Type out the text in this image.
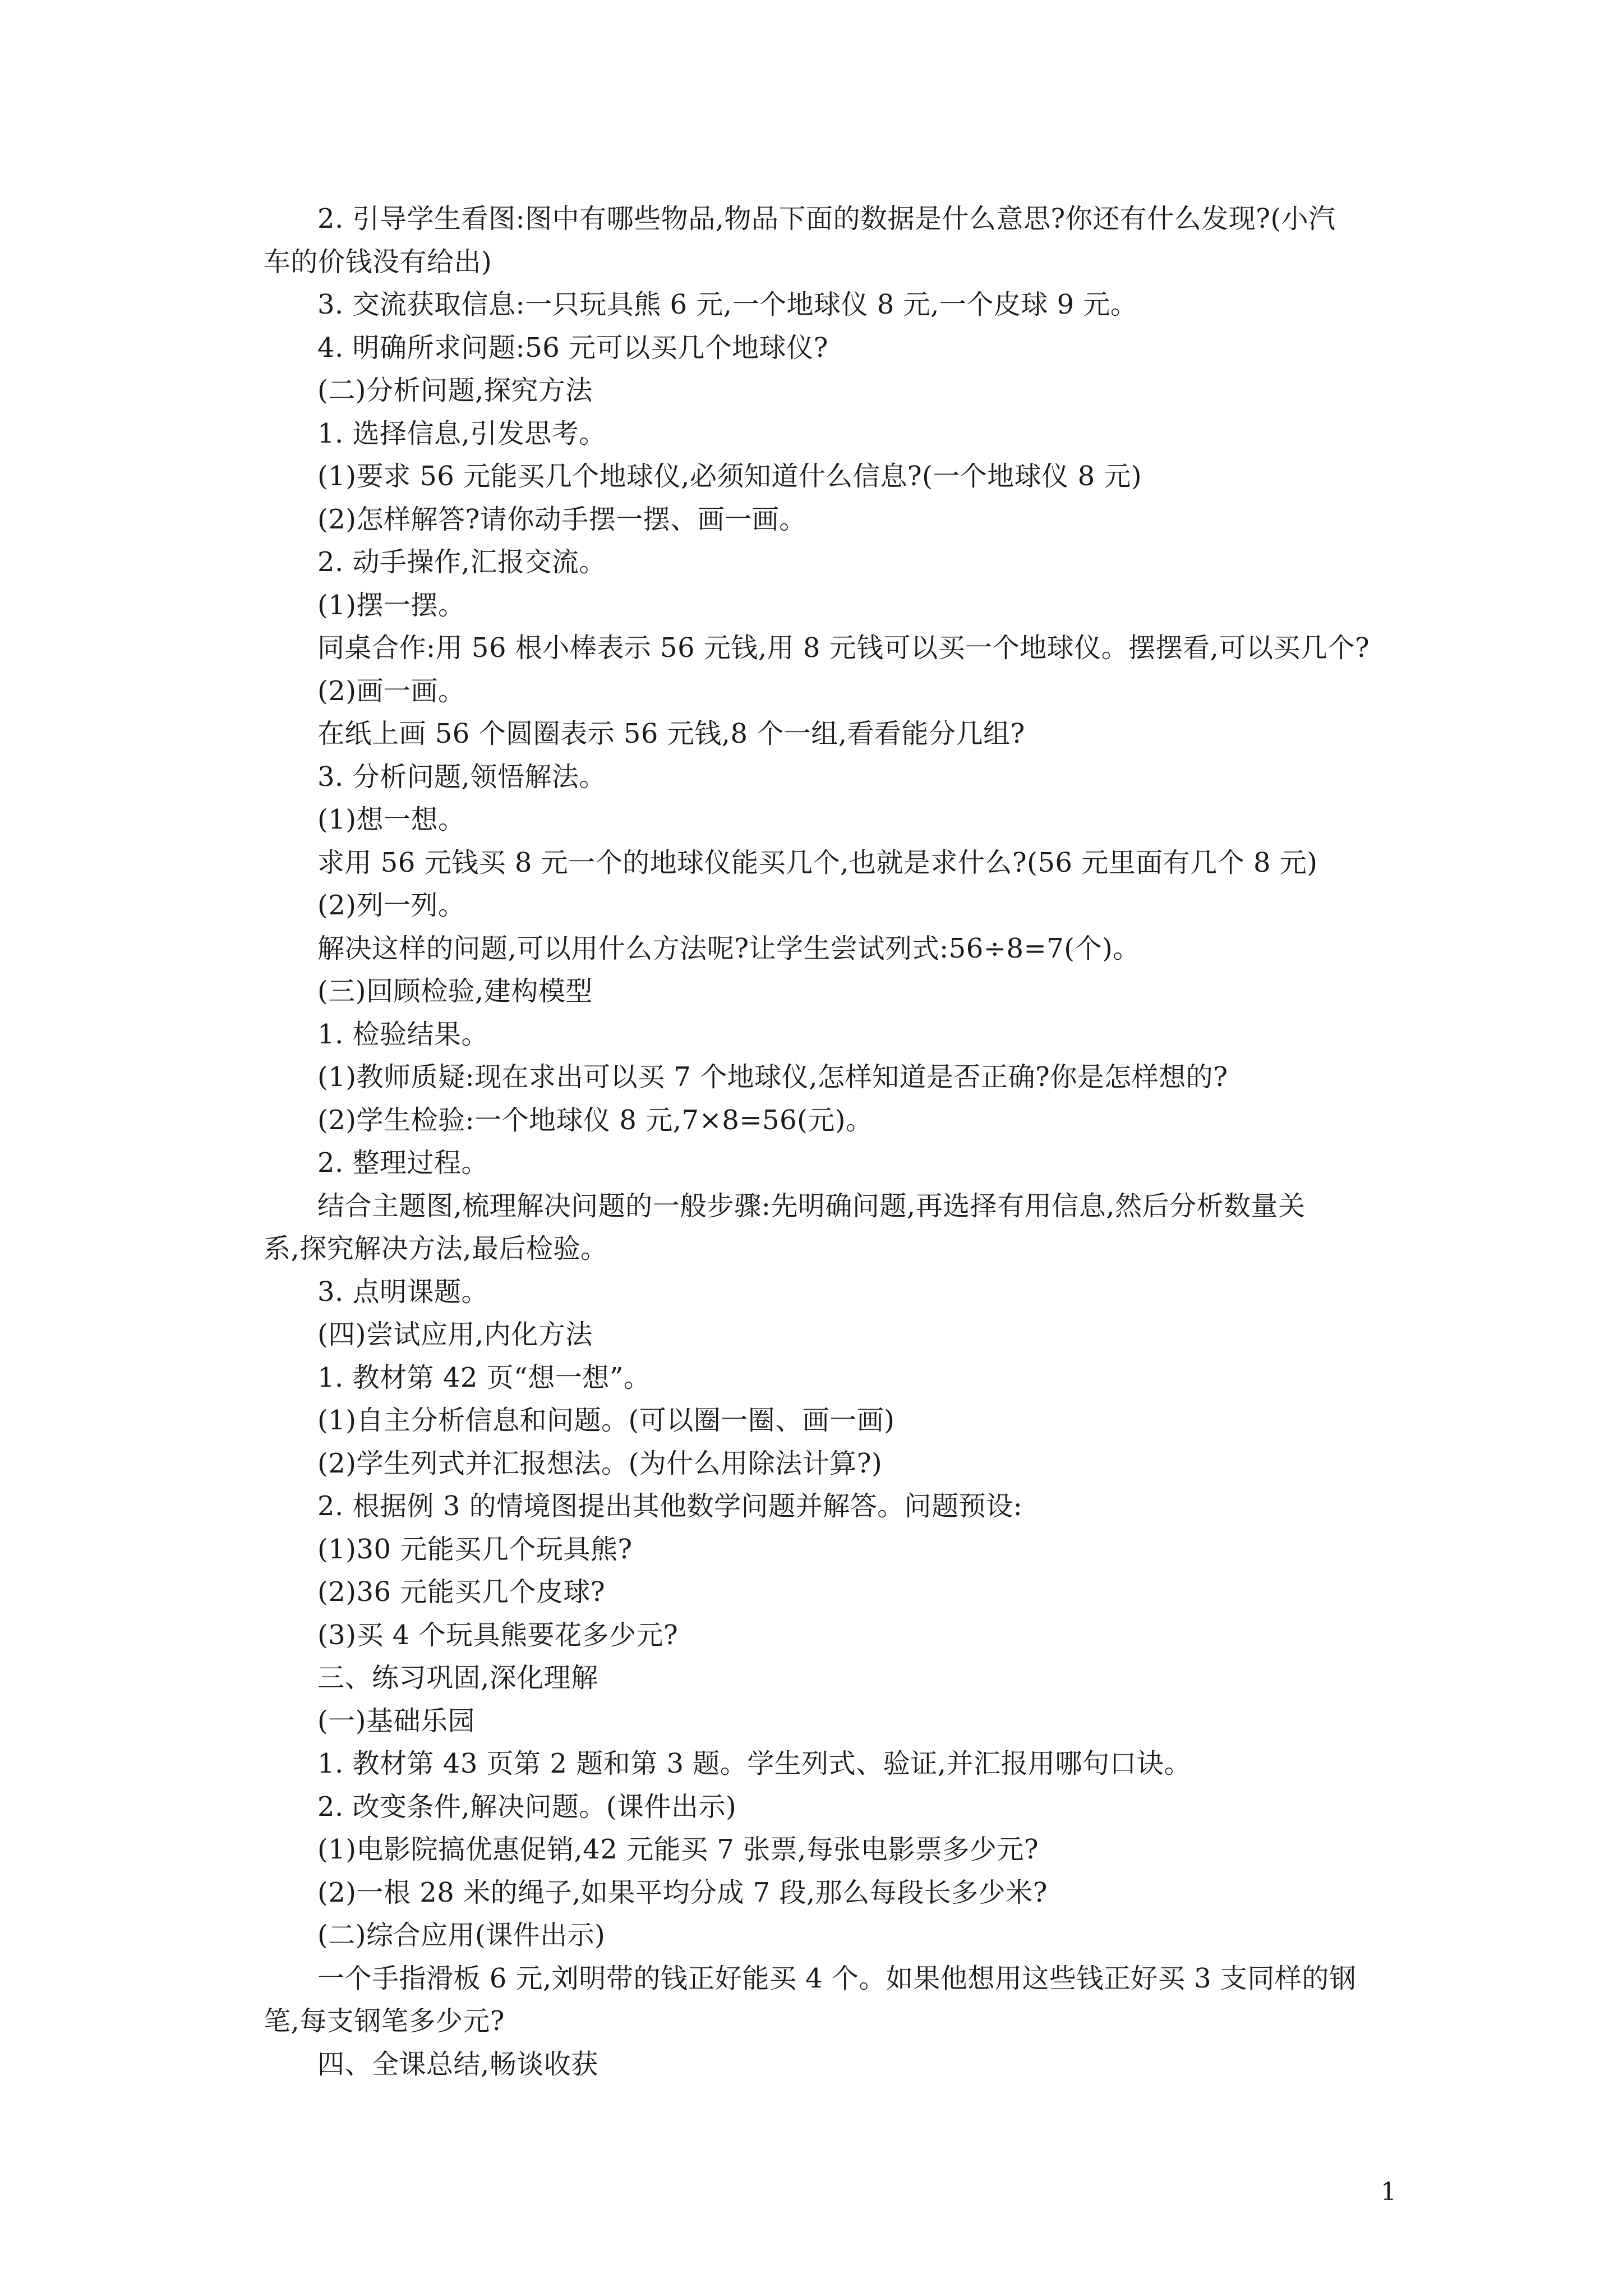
2. 引导学生看图:图中有哪些物品,物品下面的数据是什么意思?你还有什么发现?(小汽
车的价钱没有给出)
3. 交流获取信息:一只玩具熊 6 元,一个地球仪 8 元,一个皮球 9 元。
4. 明确所求问题:56 元可以买几个地球仪?
(二)分析问题,探究方法
1. 选择信息,引发思考。
(1)要求 56 元能买几个地球仪,必须知道什么信息?(一个地球仪 8 元)
(2)怎样解答?请你动手摆一摆、画一画。
2. 动手操作,汇报交流。
(1)摆一摆。
同桌合作:用 56 根小棒表示 56 元钱,用 8 元钱可以买一个地球仪。摆摆看,可以买几个?
(2)画一画。
在纸上画 56 个圆圈表示 56 元钱,8 个一组,看看能分几组?
3. 分析问题,领悟解法。
(1)想一想。
求用 56 元钱买 8 元一个的地球仪能买几个,也就是求什么?(56 元里面有几个 8 元)
(2)列一列。
解决这样的问题,可以用什么方法呢?让学生尝试列式:56÷8=7(个)。
(三)回顾检验,建构模型
1. 检验结果。
(1)教师质疑:现在求出可以买 7 个地球仪,怎样知道是否正确?你是怎样想的?
(2)学生检验:一个地球仪 8 元,7×8=56(元)。
2. 整理过程。
结合主题图,梳理解决问题的一般步骤:先明确问题,再选择有用信息,然后分析数量关
系,探究解决方法,最后检验。
3. 点明课题。
(四)尝试应用,内化方法
1. 教材第 42 页“想一想”。
(1)自主分析信息和问题。(可以圈一圈、画一画)
(2)学生列式并汇报想法。(为什么用除法计算?)
2. 根据例 3 的情境图提出其他数学问题并解答。问题预设:
(1)30 元能买几个玩具熊?
(2)36 元能买几个皮球?
(3)买 4 个玩具熊要花多少元?
三、练习巩固,深化理解
(一)基础乐园
1. 教材第 43 页第 2 题和第 3 题。学生列式、验证,并汇报用哪句口诀。
2. 改变条件,解决问题。(课件出示)
(1)电影院搞优惠促销,42 元能买 7 张票,每张电影票多少元?
(2)一根 28 米的绳子,如果平均分成 7 段,那么每段长多少米?
(二)综合应用(课件出示)
一个手指滑板 6 元,刘明带的钱正好能买 4 个。如果他想用这些钱正好买 3 支同样的钢
笔,每支钢笔多少元?
四、全课总结,畅谈收获
1
